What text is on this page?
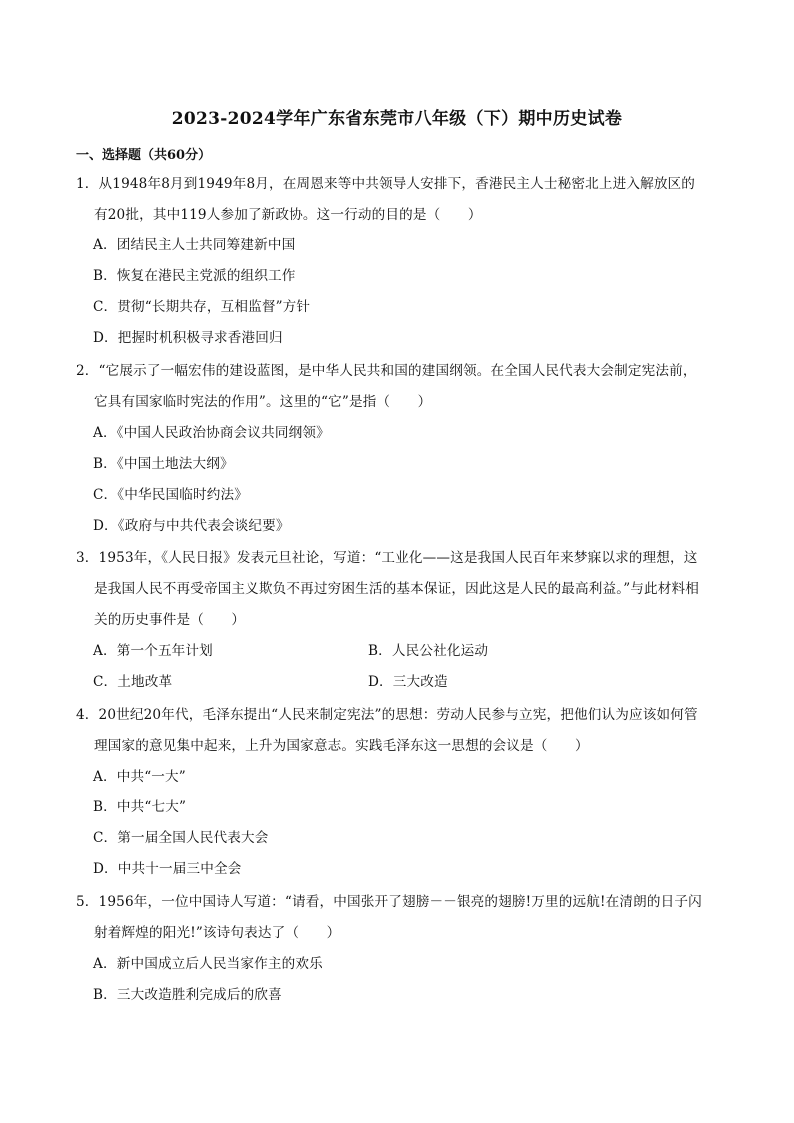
2023-2024学年广东省东莞市八年级（下）期中历史试卷
一、选择题（共60分）
1．从1948年8月到1949年8月，在周恩来等中共领导人安排下，香港民主人士秘密北上进入解放区的
有20批，其中119人参加了新政协。这一行动的目的是（　　）
A．团结民主人士共同筹建新中国
B．恢复在港民主党派的组织工作
C．贯彻“长期共存，互相监督”方针
D．把握时机积极寻求香港回归
2．“它展示了一幅宏伟的建设蓝图，是中华人民共和国的建国纲领。在全国人民代表大会制定宪法前，
它具有国家临时宪法的作用”。这里的“它”是指（　　）
A．《中国人民政治协商会议共同纲领》
B．《中国土地法大纲》
C．《中华民国临时约法》
D．《政府与中共代表会谈纪要》
3．1953年，《人民日报》发表元旦社论，写道：“工业化——这是我国人民百年来梦寐以求的理想，这
是我国人民不再受帝国主义欺负不再过穷困生活的基本保证，因此这是人民的最高利益。”与此材料相
关的历史事件是（　　）
A．第一个五年计划	B．人民公社化运动
C．土地改革	D．三大改造
4．20世纪20年代，毛泽东提出“人民来制定宪法”的思想：劳动人民参与立宪，把他们认为应该如何管
理国家的意见集中起来，上升为国家意志。实践毛泽东这一思想的会议是（　　）
A．中共“一大”
B．中共“七大”
C．第一届全国人民代表大会
D．中共十一届三中全会
5．1956年，一位中国诗人写道：“请看，中国张开了翅膀－－银亮的翅膀!万里的远航!在清朗的日子闪
射着辉煌的阳光!”该诗句表达了（　　）
A．新中国成立后人民当家作主的欢乐
B．三大改造胜利完成后的欣喜
